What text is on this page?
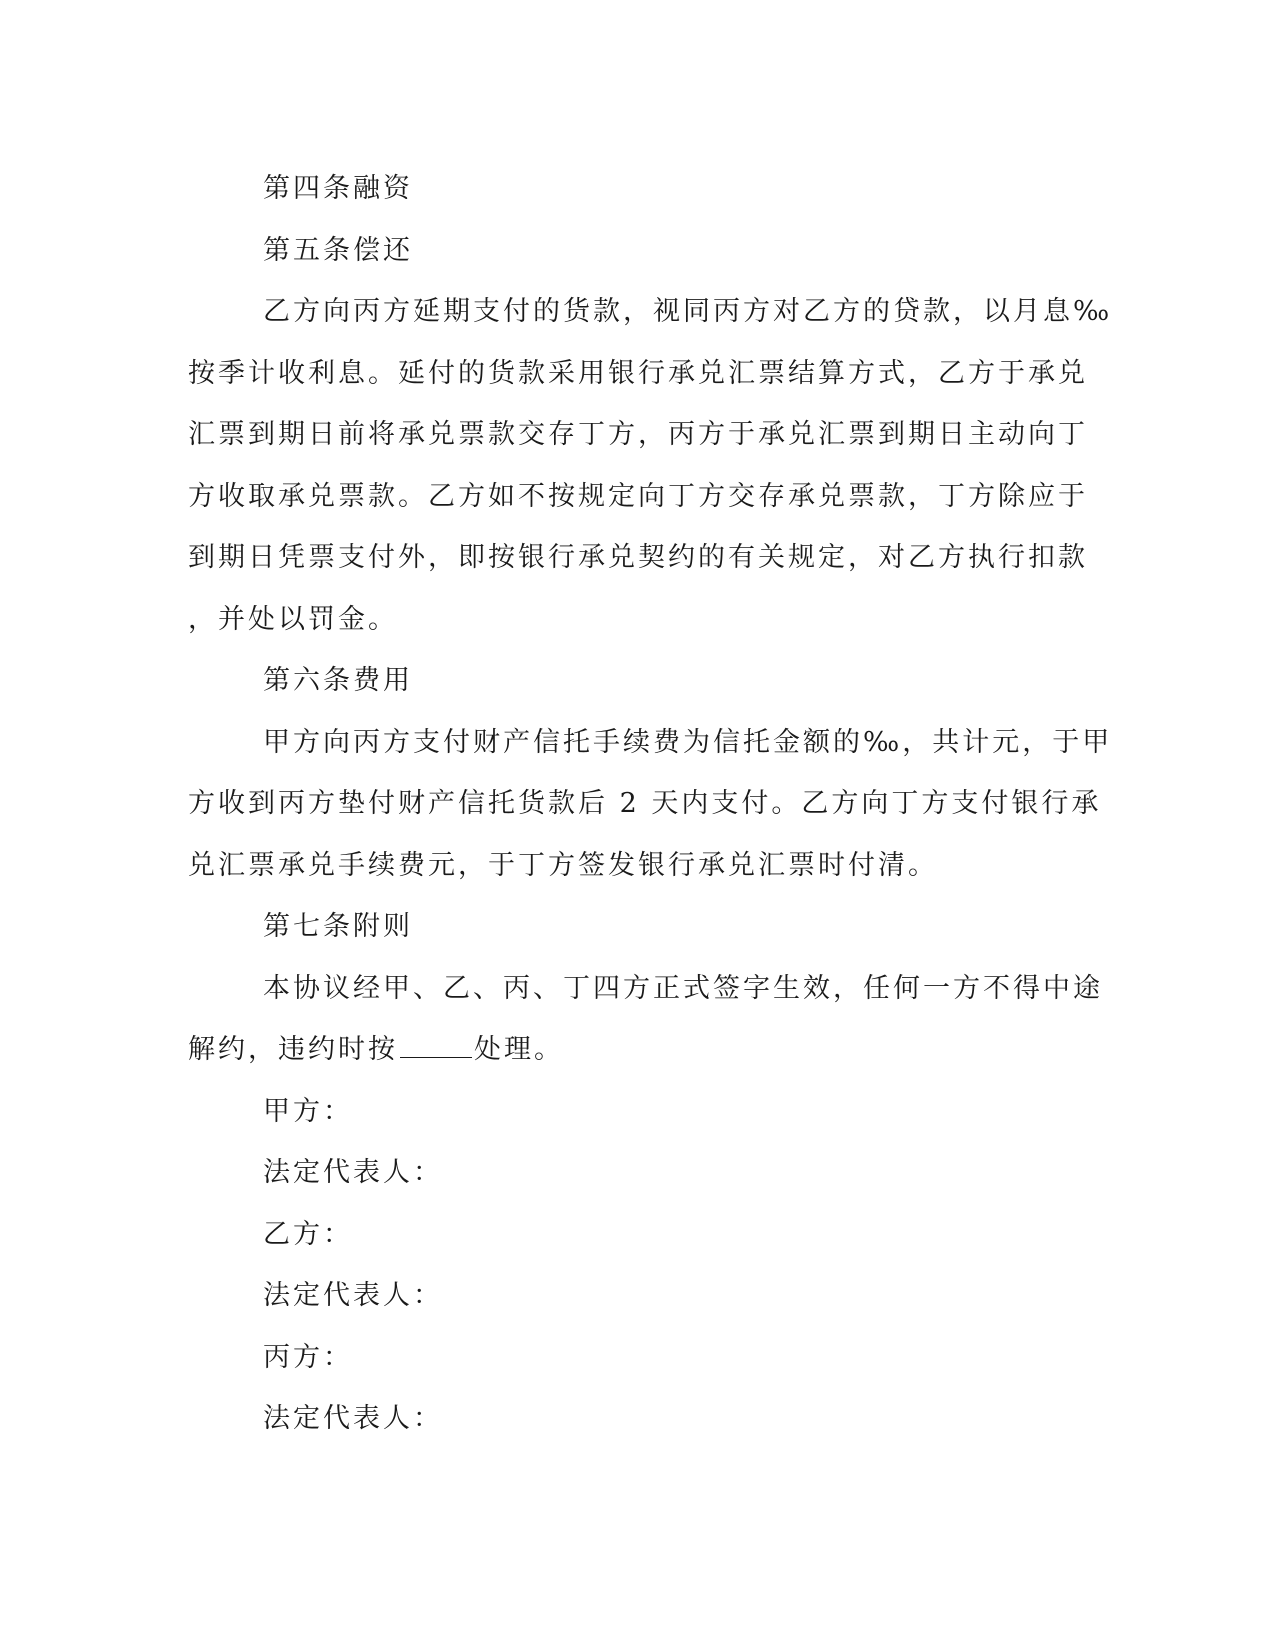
第四条融资

第五条偿还

乙方向丙方延期支付的货款，视同丙方对乙方的贷款，以月息‰

按季计收利息。延付的货款采用银行承兑汇票结算方式，乙方于承兑

汇票到期日前将承兑票款交存丁方，丙方于承兑汇票到期日主动向丁

方收取承兑票款。乙方如不按规定向丁方交存承兑票款，丁方除应于

到期日凭票支付外，即按银行承兑契约的有关规定，对乙方执行扣款

，并处以罚金。

第六条费用

甲方向丙方支付财产信托手续费为信托金额的‰，共计元，于甲

方收到丙方垫付财产信托货款后 2 天内支付。乙方向丁方支付银行承

兑汇票承兑手续费元，于丁方签发银行承兑汇票时付清。

第七条附则

本协议经甲、乙、丙、丁四方正式签字生效，任何一方不得中途

解约，违约时按	处理。

甲方：

法定代表人：

乙方：

法定代表人：

丙方：

法定代表人：
